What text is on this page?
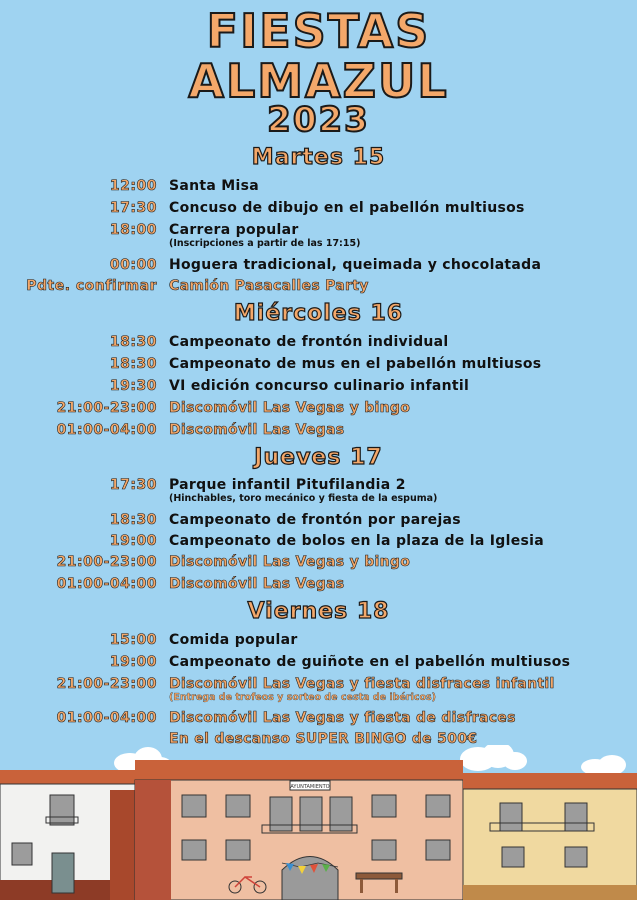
FIESTAS
ALMAZUL
2023
Martes 15
12:00 Santa Misa
17:30 Concuso de dibujo en el pabellón multiusos
18:00 Carrera popular
(Inscripciones a partir de las 17:15)
00:00 Hoguera tradicional, queimada y chocolatada
Pdte. confirmar Camión Pasacalles Party
Miércoles 16
18:30 Campeonato de frontón individual
18:30 Campeonato de mus en el pabellón multiusos
19:30 VI edición concurso culinario infantil
21:00-23:00 Discomóvil Las Vegas y bingo
01:00-04:00 Discomóvil Las Vegas
Jueves 17
17:30 Parque infantil Pitufilandia 2
(Hinchables, toro mecánico y fiesta de la espuma)
18:30 Campeonato de frontón por parejas
19:00 Campeonato de bolos en la plaza de la Iglesia
21:00-23:00 Discomóvil Las Vegas y bingo
01:00-04:00 Discomóvil Las Vegas
Viernes 18
15:00 Comida popular
19:00 Campeonato de guiñote en el pabellón multiusos
21:00-23:00 Discomóvil Las Vegas y fiesta disfraces infantil
(Entrega de trofeos y sorteo de cesta de ibéricos)
01:00-04:00 Discomóvil Las Vegas y fiesta de disfraces
En el descanso SUPER BINGO de 500€
AYUNTAMIENTO
